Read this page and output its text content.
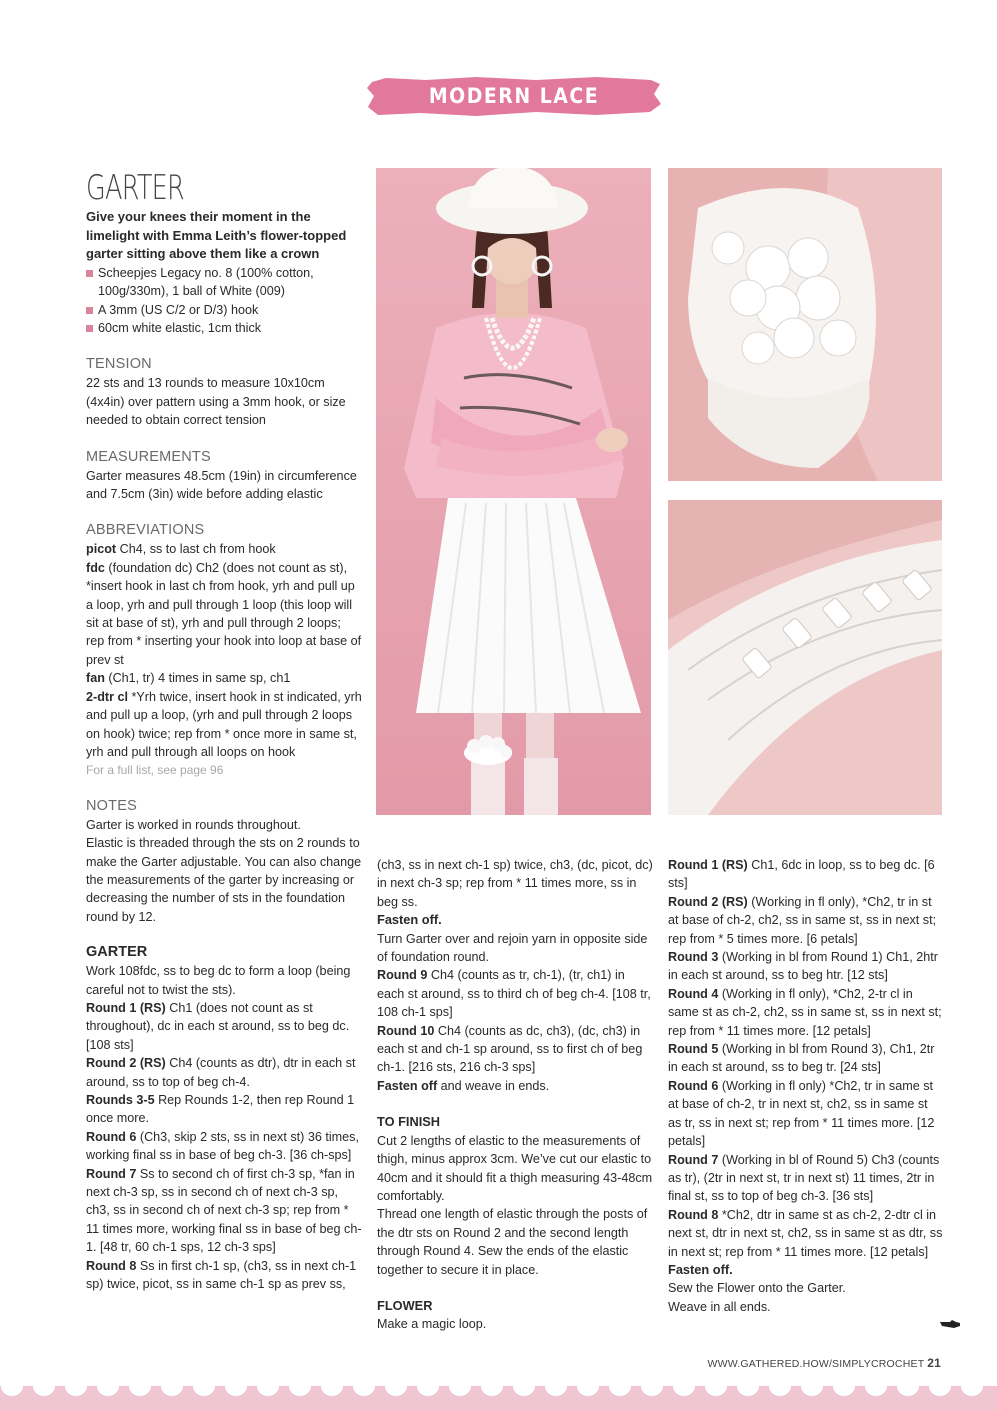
MODERN LACE COLLECTION
GARTER

Give your knees their moment in the limelight with Emma Leith’s flower-topped garter sitting above them like a crown

Scheepjes Legacy no. 8 (100% cotton, 100g/330m), 1 ball of White (009)
A 3mm (US C/2 or D/3) hook
60cm white elastic, 1cm thick
TENSION

22 sts and 13 rounds to measure 10x10cm (4x4in) over pattern using a 3mm hook, or size needed to obtain correct tension

MEASUREMENTS

Garter measures 48.5cm (19in) in circumference and 7.5cm (3in) wide before adding elastic

ABBREVIATIONS

picot Ch4, ss to last ch from hook

fdc (foundation dc) Ch2 (does not count as st), *insert hook in last ch from hook, yrh and pull up a loop, yrh and pull through 1 loop (this loop will sit at base of st), yrh and pull through 2 loops; rep from * inserting your hook into loop at base of prev st

fan (Ch1, tr) 4 times in same sp, ch1

2-dtr cl *Yrh twice, insert hook in st indicated, yrh and pull up a loop, (yrh and pull through 2 loops on hook) twice; rep from * once more in same st, yrh and pull through all loops on hook

For a full list, see page 96

NOTES

Garter is worked in rounds throughout.

Elastic is threaded through the sts on 2 rounds to make the Garter adjustable. You can also change the measurements of the garter by increasing or decreasing the number of sts in the foundation round by 12.

GARTER

Work 108fdc, ss to beg dc to form a loop (being careful not to twist the sts).

Round 1 (RS) Ch1 (does not count as st throughout), dc in each st around, ss to beg dc. [108 sts]

Round 2 (RS) Ch4 (counts as dtr), dtr in each st around, ss to top of beg ch-4.

Rounds 3-5 Rep Rounds 1-2, then rep Round 1 once more.

Round 6 (Ch3, skip 2 sts, ss in next st) 36 times, working final ss in base of beg ch-3. [36 ch-sps]

Round 7 Ss to second ch of first ch-3 sp, *fan in next ch-3 sp, ss in second ch of next ch-3 sp, ch3, ss in second ch of next ch-3 sp; rep from * 11 times more, working final ss in base of beg ch-1. [48 tr, 60 ch-1 sps, 12 ch-3 sps]

Round 8 Ss in first ch-1 sp, (ch3, ss in next ch-1 sp) twice, picot, ss in same ch-1 sp as prev ss,

(ch3, ss in next ch-1 sp) twice, ch3, (dc, picot, dc) in next ch-3 sp; rep from * 11 times more, ss in beg ss.

Fasten off.

Turn Garter over and rejoin yarn in opposite side of foundation round.

Round 9 Ch4 (counts as tr, ch-1), (tr, ch1) in each st around, ss to third ch of beg ch-4. [108 tr, 108 ch-1 sps]

Round 10 Ch4 (counts as dc, ch3), (dc, ch3) in each st and ch-1 sp around, ss to first ch of beg ch-1. [216 sts, 216 ch-3 sps]

Fasten off and weave in ends.

TO FINISH

Cut 2 lengths of elastic to the measurements of thigh, minus approx 3cm. We’ve cut our elastic to 40cm and it should fit a thigh measuring 43-48cm comfortably.

Thread one length of elastic through the posts of the dtr sts on Round 2 and the second length through Round 4. Sew the ends of the elastic together to secure it in place.

FLOWER

Make a magic loop.

Round 1 (RS) Ch1, 6dc in loop, ss to beg dc. [6 sts]

Round 2 (RS) (Working in fl only), *Ch2, tr in st at base of ch-2, ch2, ss in same st, ss in next st; rep from * 5 times more. [6 petals]

Round 3 (Working in bl from Round 1) Ch1, 2htr in each st around, ss to beg htr. [12 sts]

Round 4 (Working in fl only), *Ch2, 2-tr cl in same st as ch-2, ch2, ss in same st, ss in next st; rep from * 11 times more. [12 petals]

Round 5 (Working in bl from Round 3), Ch1, 2tr in each st around, ss to beg tr. [24 sts]

Round 6 (Working in fl only) *Ch2, tr in same st at base of ch-2, tr in next st, ch2, ss in same st as tr, ss in next st; rep from * 11 times more. [12 petals]

Round 7 (Working in bl of Round 5) Ch3 (counts as tr), (2tr in next st, tr in next st) 11 times, 2tr in final st, ss to top of beg ch-3. [36 sts]

Round 8 *Ch2, dtr in same st as ch-2, 2-dtr cl in next st, dtr in next st, ch2, ss in same st as dtr, ss in next st; rep from * 11 times more. [12 petals]

Fasten off.

Sew the Flower onto the Garter.

Weave in all ends.

WWW.GATHERED.HOW/SIMPLYCROCHET 21
